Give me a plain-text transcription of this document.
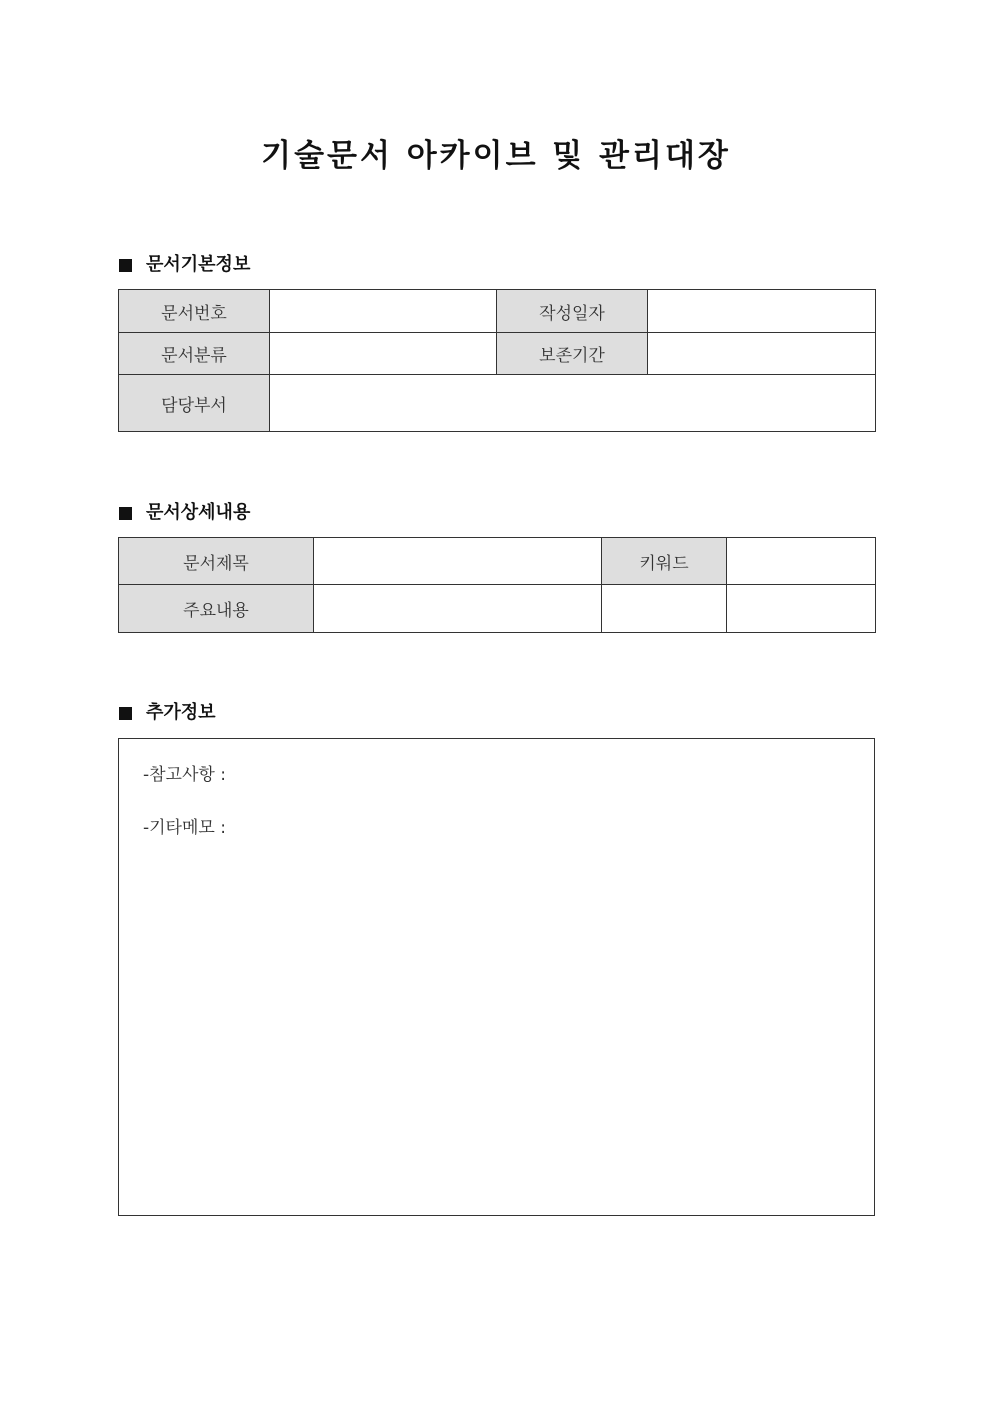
기술문서 아카이브 및 관리대장
문서기본정보
문서번호		작성일자	
문서분류		보존기간	
담당부서			
문서상세내용
문서제목		키워드	
주요내용			
추가정보
-참고사항 :
-기타메모 :
